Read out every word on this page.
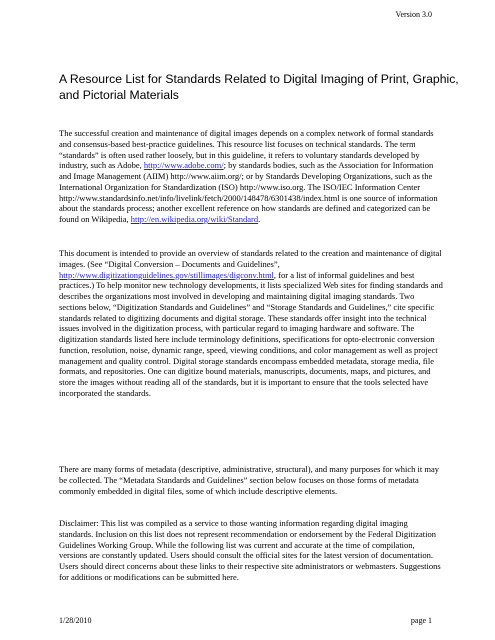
Version 3.0
A Resource List for Standards Related to Digital Imaging of Print, Graphic, and Pictorial Materials

The successful creation and maintenance of digital images depends on a complex network of formal standards and consensus-based best-practice guidelines. This resource list focuses on technical standards. The term “standards” is often used rather loosely, but in this guideline, it refers to voluntary standards developed by industry, such as Adobe, http://www.adobe.com/; by standards bodies, such as the Association for Information and Image Management (AIIM) http://www.aiim.org/; or by Standards Developing Organizations, such as the International Organization for Standardization (ISO) http://www.iso.org. The ISO/IEC Information Center http://www.standardsinfo.net/info/livelink/fetch/2000/148478/6301438/index.html is one source of information about the standards process; another excellent reference on how standards are defined and categorized can be found on Wikipedia, http://en.wikipedia.org/wiki/Standard.

This document is intended to provide an overview of standards related to the creation and maintenance of digital images. (See “Digital Conversion – Documents and Guidelines”, http://www.digitizationguidelines.gov/stillimages/digconv.html, for a list of informal guidelines and best practices.) To help monitor new technology developments, it lists specialized Web sites for finding standards and describes the organizations most involved in developing and maintaining digital imaging standards. Two sections below, “Digitization Standards and Guidelines” and “Storage Standards and Guidelines,” cite specific standards related to digitizing documents and digital storage. These standards offer insight into the technical issues involved in the digitization process, with particular regard to imaging hardware and software. The digitization standards listed here include terminology definitions, specifications for opto-electronic conversion function, resolution, noise, dynamic range, speed, viewing conditions, and color management as well as project management and quality control. Digital storage standards encompass embedded metadata, storage media, file formats, and repositories. One can digitize bound materials, manuscripts, documents, maps, and pictures, and store the images without reading all of the standards, but it is important to ensure that the tools selected have incorporated the standards.

There are many forms of metadata (descriptive, administrative, structural), and many purposes for which it may be collected. The “Metadata Standards and Guidelines” section below focuses on those forms of metadata commonly embedded in digital files, some of which include descriptive elements.

Disclaimer: This list was compiled as a service to those wanting information regarding digital imaging standards. Inclusion on this list does not represent recommendation or endorsement by the Federal Digitization Guidelines Working Group. While the following list was current and accurate at the time of compilation, versions are constantly updated. Users should consult the official sites for the latest version of documentation. Users should direct concerns about these links to their respective site administrators or webmasters. Suggestions for additions or modifications can be submitted here.

1/28/2010	page 1
